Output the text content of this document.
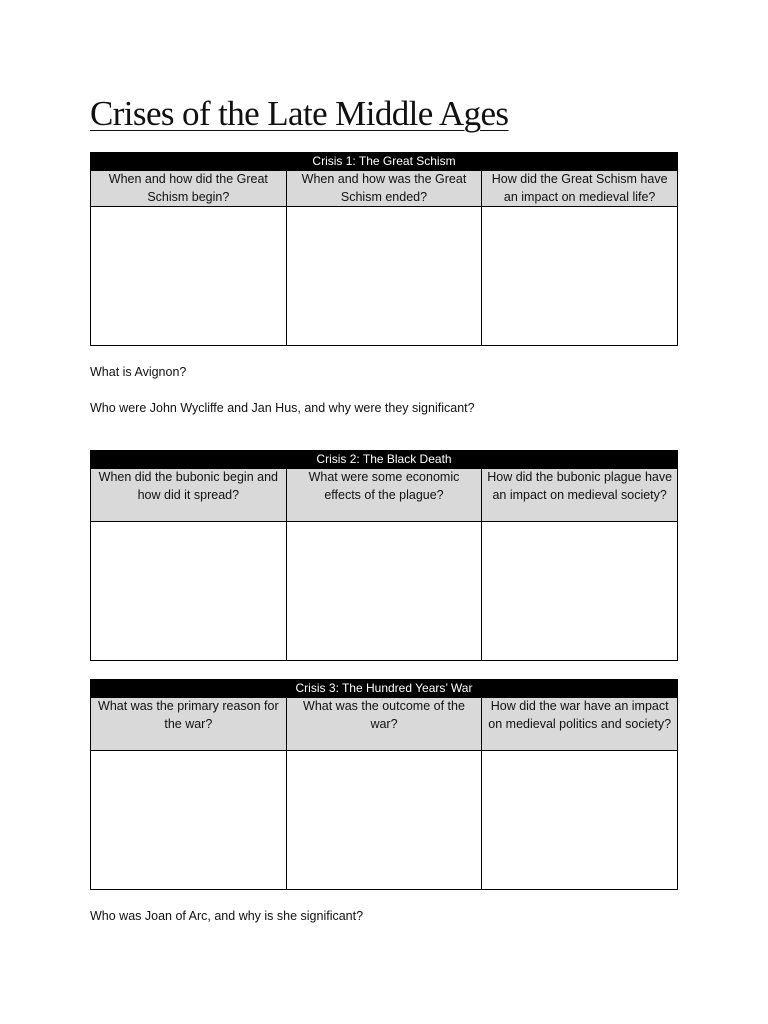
Crises of the Late Middle Ages
Crisis 1: The Great Schism		
When and how did the Great Schism begin?	When and how was the Great Schism ended?	How did the Great Schism have an impact on medieval life?

What is Avignon?

Who were John Wycliffe and Jan Hus, and why were they significant?

Crisis 2: The Black Death		
When did the bubonic begin and how did it spread?	What were some economic effects of the plague?	How did the bubonic plague have an impact on medieval society?

Crisis 3: The Hundred Years’ War		
What was the primary reason for the war?	What was the outcome of the war?	How did the war have an impact on medieval politics and society?

Who was Joan of Arc, and why is she significant?
